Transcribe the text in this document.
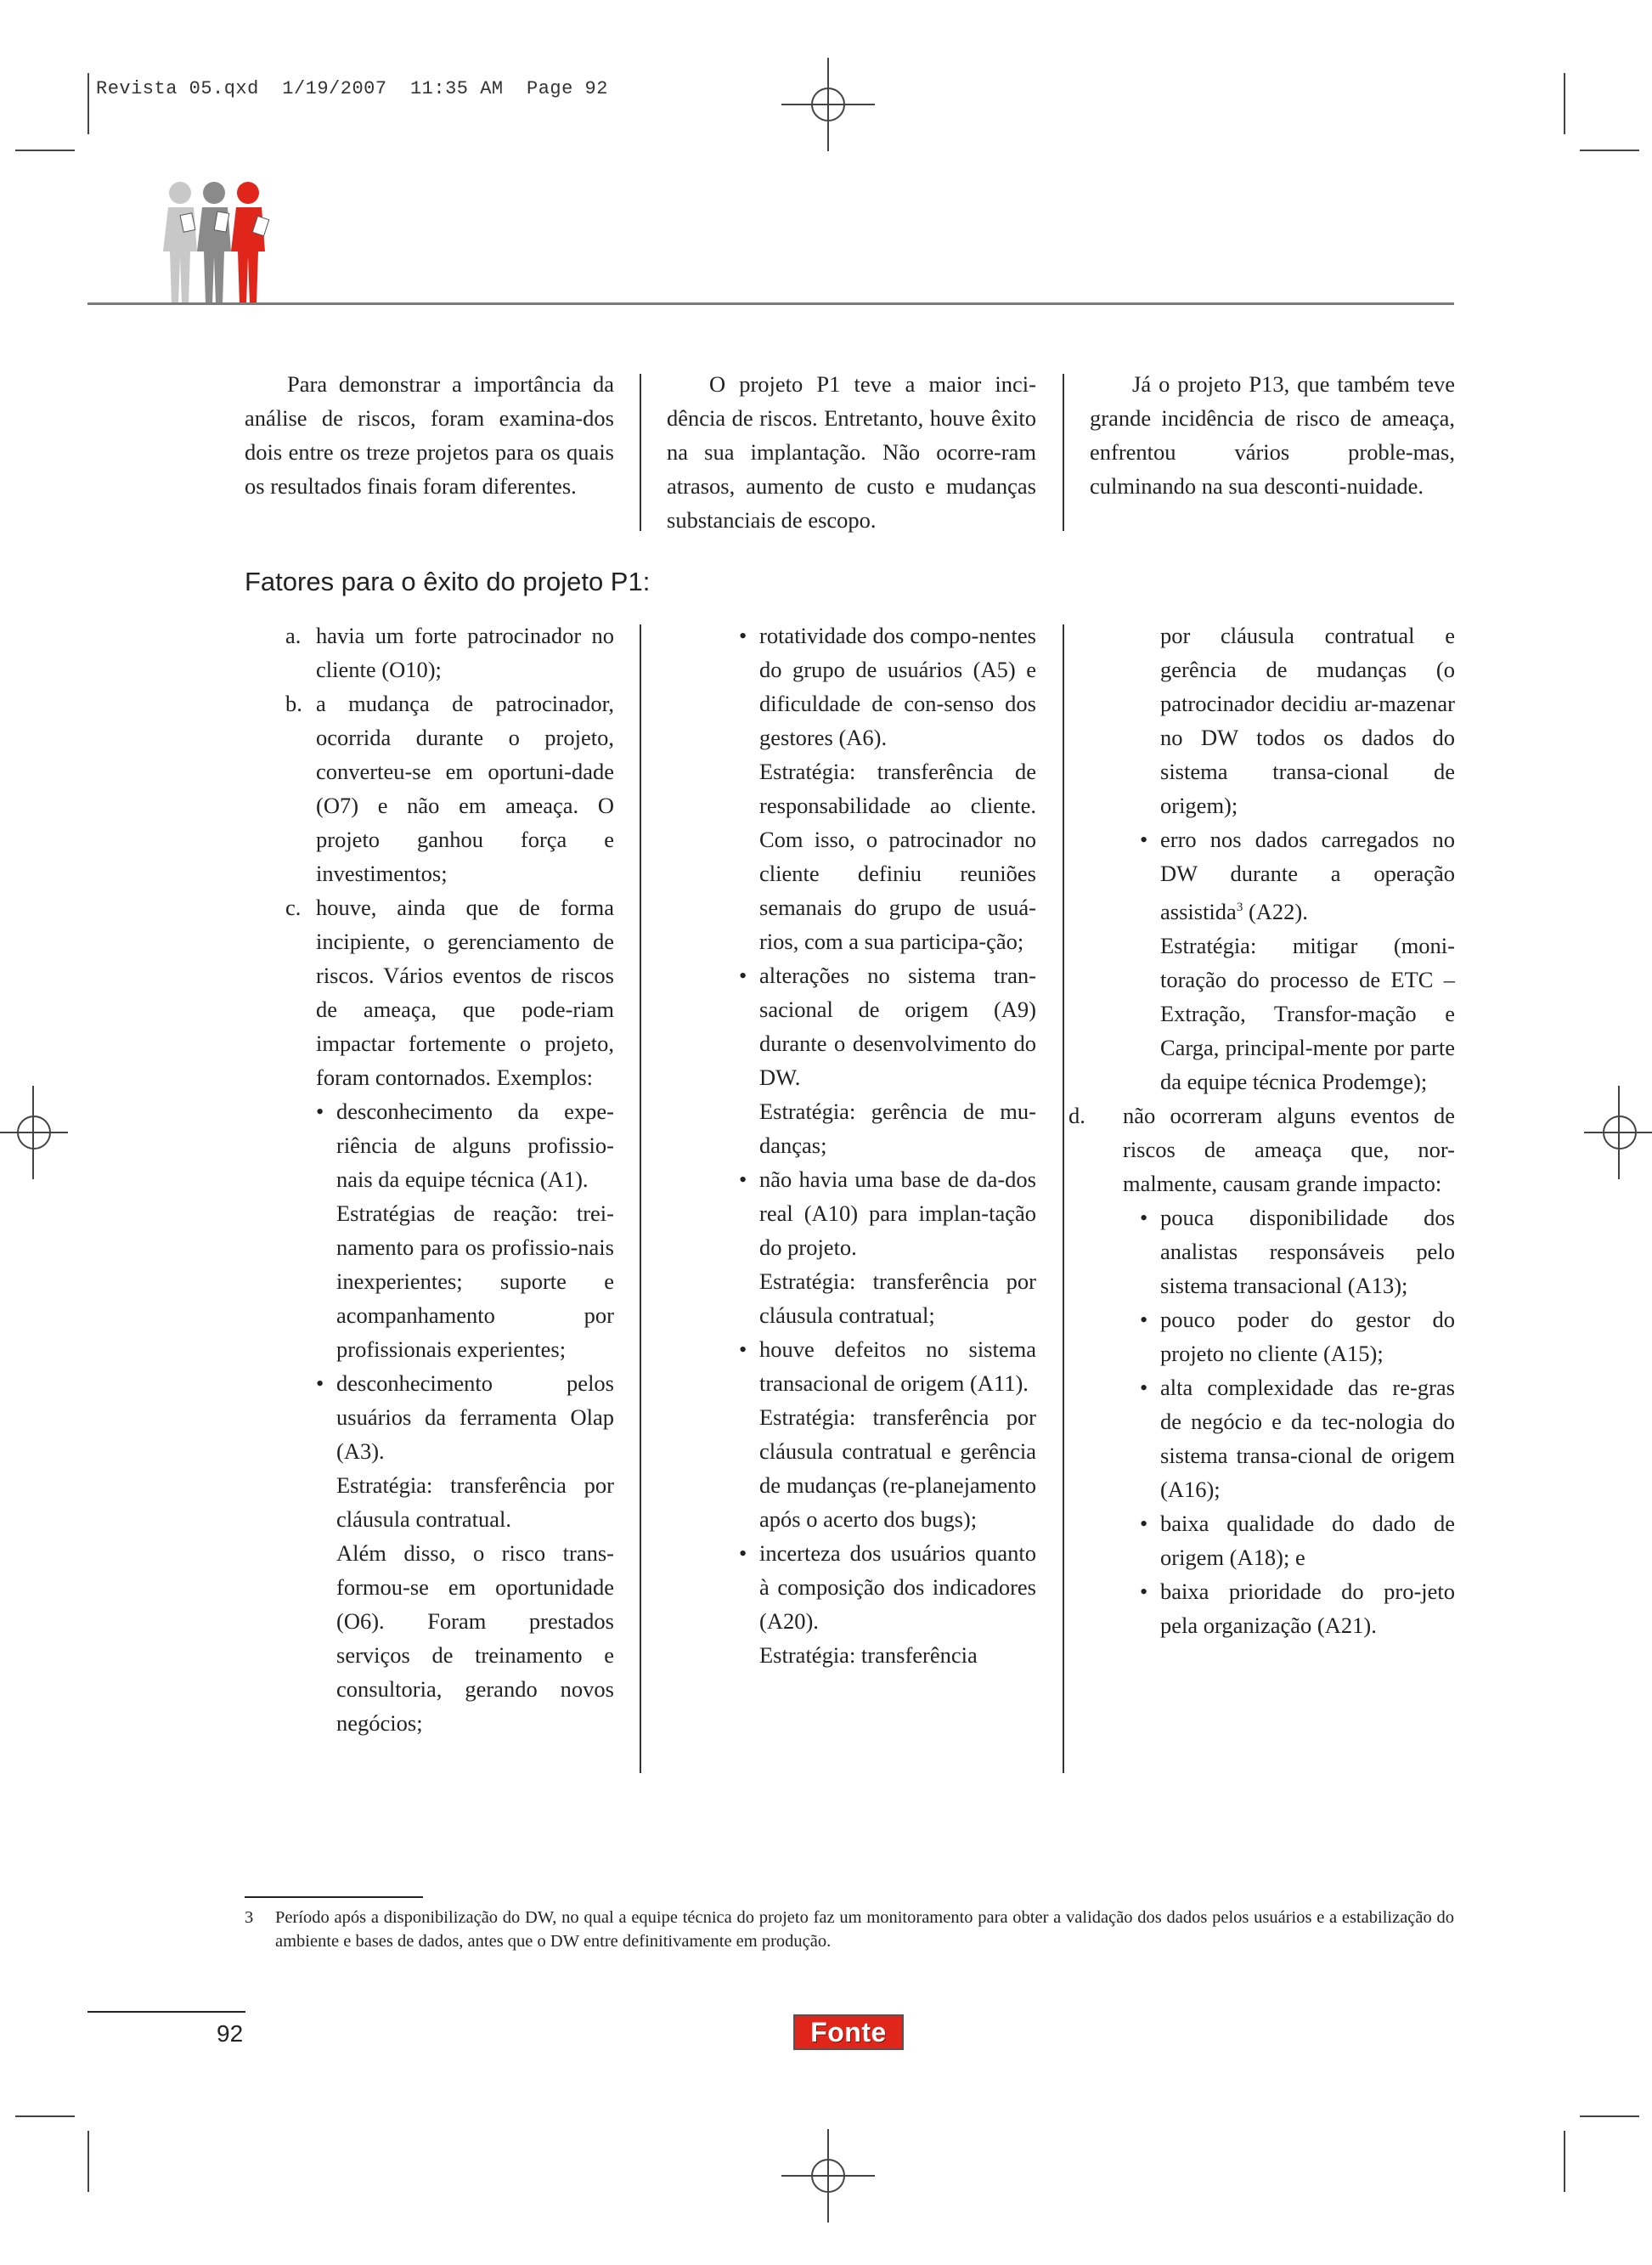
Revista 05.qxd 1/19/2007 11:35 AM Page 92

Para demonstrar a importância da análise de riscos, foram examina-dos dois entre os treze projetos para os quais os resultados finais foram diferentes.

O projeto P1 teve a maior inci-dência de riscos. Entretanto, houve êxito na sua implantação. Não ocorre-ram atrasos, aumento de custo e mudanças substanciais de escopo.

Já o projeto P13, que também teve grande incidência de risco de ameaça, enfrentou vários proble-mas, culminando na sua desconti-nuidade.

Fatores para o êxito do projeto P1:
a. havia um forte patrocinador no cliente (O10);

b. a mudança de patrocinador, ocorrida durante o projeto, converteu-se em oportuni-dade (O7) e não em ameaça. O projeto ganhou força e investimentos;

c. houve, ainda que de forma incipiente, o gerenciamento de riscos. Vários eventos de riscos de ameaça, que pode-riam impactar fortemente o projeto, foram contornados. Exemplos:

• desconhecimento da expe-riência de alguns profissio-nais da equipe técnica (A1).

Estratégias de reação: trei-namento para os profissio-nais inexperientes; suporte e acompanhamento por profissionais experientes;

• desconhecimento pelos usuários da ferramenta Olap (A3).

Estratégia: transferência por cláusula contratual.

Além disso, o risco trans-formou-se em oportunidade (O6). Foram prestados serviços de treinamento e consultoria, gerando novos negócios;

• rotatividade dos compo-nentes do grupo de usuários (A5) e dificuldade de con-senso dos gestores (A6).

Estratégia: transferência de responsabilidade ao cliente. Com isso, o patrocinador no cliente definiu reuniões semanais do grupo de usuá-rios, com a sua participa-ção;

• alterações no sistema tran-sacional de origem (A9) durante o desenvolvimento do DW.

Estratégia: gerência de mu-danças;

• não havia uma base de da-dos real (A10) para implan-tação do projeto.

Estratégia: transferência por cláusula contratual;

• houve defeitos no sistema transacional de origem (A11).

Estratégia: transferência por cláusula contratual e gerência de mudanças (re-planejamento após o acerto dos bugs);

• incerteza dos usuários quanto à composição dos indicadores (A20).

Estratégia: transferência

por cláusula contratual e gerência de mudanças (o patrocinador decidiu ar-mazenar no DW todos os dados do sistema transa-cional de origem);

• erro nos dados carregados no DW durante a operação assistida$^3$ (A22).

Estratégia: mitigar (moni-toração do processo de ETC – Extração, Transfor-mação e Carga, principal-mente por parte da equipe técnica Prodemge);

d.	não ocorreram alguns eventos de riscos de ameaça que, nor-malmente, causam grande impacto:

• pouca disponibilidade dos analistas responsáveis pelo sistema transacional (A13);

• pouco poder do gestor do projeto no cliente (A15);

• alta complexidade das re-gras de negócio e da tec-nologia do sistema transa-cional de origem (A16);

• baixa qualidade do dado de origem (A18); e

• baixa prioridade do pro-jeto pela organização (A21).

3 Período após a disponibilização do DW, no qual a equipe técnica do projeto faz um monitoramento para obter a validação dos dados pelos usuários e a estabilização do ambiente e bases de dados, antes que o DW entre definitivamente em produção.
92	Fonte
